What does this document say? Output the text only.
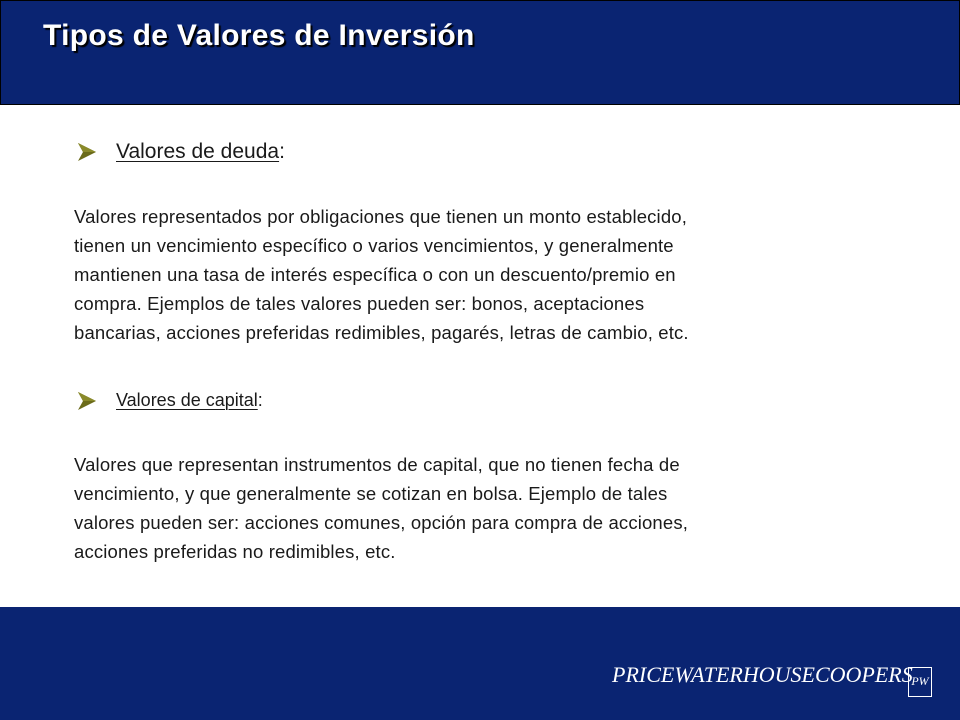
Tipos de Valores de Inversión
Valores de deuda :

Valores representados por obligaciones que tienen un monto establecido,
tienen un vencimiento específico o varios vencimientos, y generalmente
mantienen una tasa de interés específica o con un descuento/premio en
compra. Ejemplos de tales valores pueden ser: bonos, aceptaciones
bancarias, acciones preferidas redimibles, pagarés, letras de cambio, etc.

Valores de capital :

Valores que representan instrumentos de capital, que no tienen fecha de
vencimiento, y que generalmente se cotizan en bolsa. Ejemplo de tales
valores pueden ser: acciones comunes, opción para compra de acciones,
acciones preferidas no redimibles, etc.

PRICEWATERHOUSECOOPERS
PW
